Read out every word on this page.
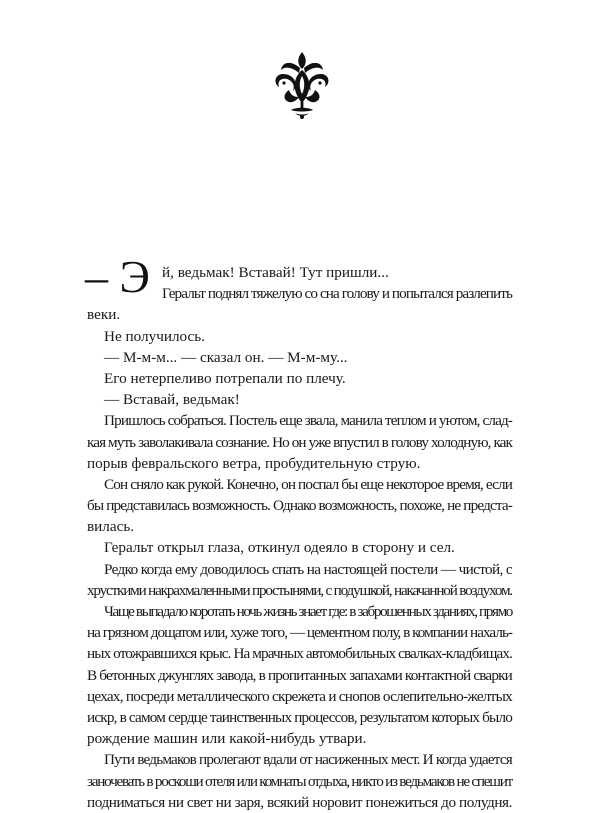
– Э й, ведьмак! Вставай! Тут пришли...
Геральт поднял тяжелую со сна голову и попытался разлепить
веки.
Не получилось.
— М-м-м... — сказал он. — М-м-му...
Его нетерпеливо потрепали по плечу.
— Вставай, ведьмак!
Пришлось собраться. Постель еще звала, манила теплом и уютом, слад-
кая муть заволакивала сознание. Но он уже впустил в голову холодную, как
порыв февральского ветра, пробудительную струю.
Сон сняло как рукой. Конечно, он поспал бы еще некоторое время, если
бы представилась возможность. Однако возможность, похоже, не предста-
вилась.
Геральт открыл глаза, откинул одеяло в сторону и сел.
Редко когда ему доводилось спать на настоящей постели — чистой, с
хрусткими накрахмаленными простынями, с подушкой, накачанной воздухом.
Чаще выпадало коротать ночь жизнь знает где: в заброшенных зданиях, прямо
на грязном дощатом или, хуже того, — цементном полу, в компании нахаль-
ных отожравшихся крыс. На мрачных автомобильных свалках-кладбищах.
В бетонных джунглях завода, в пропитанных запахами контактной сварки
цехах, посреди металлического скрежета и снопов ослепительно-желтых
искр, в самом сердце таинственных процессов, результатом которых было
рождение машин или какой-нибудь утвари.
Пути ведьмаков пролегают вдали от насиженных мест. И когда удается
заночевать в роскоши отеля или комнаты отдыха, никто из ведьмаков не спешит
подниматься ни свет ни заря, всякий норовит понежиться до полудня.
